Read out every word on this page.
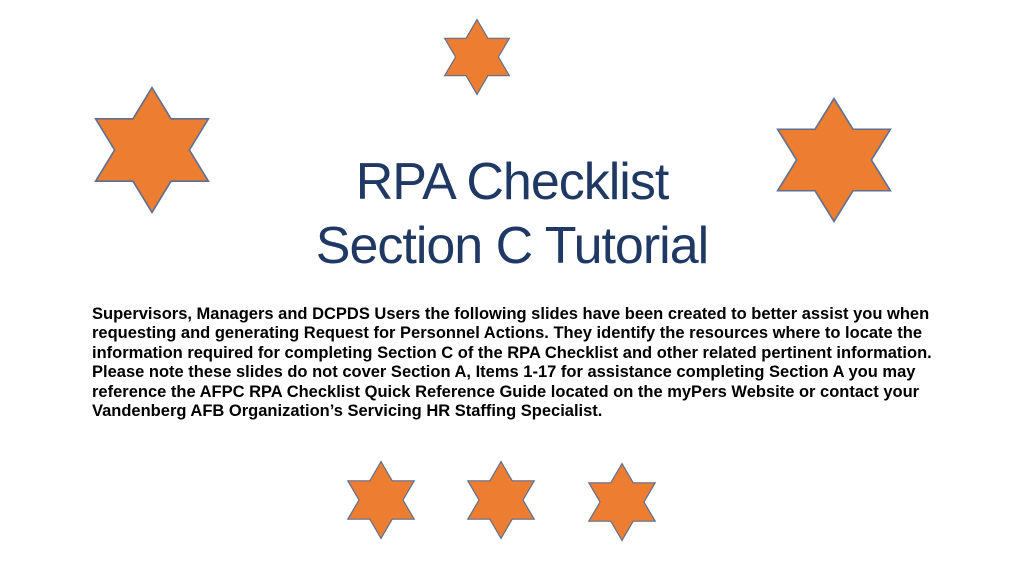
RPA Checklist
Section C Tutorial

Supervisors, Managers and DCPDS Users the following slides have been created to better assist you when requesting and generating Request for Personnel Actions. They identify the resources where to locate the information required for completing Section C of the RPA Checklist and other related pertinent information. Please note these slides do not cover Section A, Items 1-17 for assistance completing Section A you may reference the AFPC RPA Checklist Quick Reference Guide located on the myPers Website or contact your Vandenberg AFB Organization’s Servicing HR Staffing Specialist.
